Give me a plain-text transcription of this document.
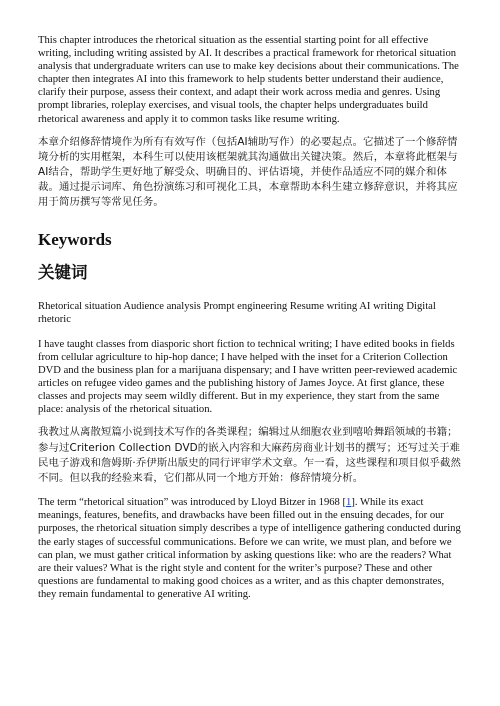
This chapter introduces the rhetorical situation as the essential starting point for all effective writing, including writing assisted by AI. It describes a practical framework for rhetorical situation analysis that undergraduate writers can use to make key decisions about their communications. The chapter then integrates AI into this framework to help students better understand their audience, clarify their purpose, assess their context, and adapt their work across media and genres. Using prompt libraries, roleplay exercises, and visual tools, the chapter helps undergraduates build rhetorical awareness and apply it to common tasks like resume writing.

本章介绍修辞情境作为所有有效写作（包括AI辅助写作）的必要起点。它描述了一个修辞情境分析的实用框架，本科生可以使用该框架就其沟通做出关键决策。然后，本章将此框架与AI结合，帮助学生更好地了解受众、明确目的、评估语境，并使作品适应不同的媒介和体裁。通过提示词库、角色扮演练习和可视化工具，本章帮助本科生建立修辞意识，并将其应用于简历撰写等常见任务。

Keywords
关键词

Rhetorical situation Audience analysis Prompt engineering Resume writing AI writing Digital rhetoric

I have taught classes from diasporic short fiction to technical writing; I have edited books in fields from cellular agriculture to hip-hop dance; I have helped with the inset for a Criterion Collection DVD and the business plan for a marijuana dispensary; and I have written peer-reviewed academic articles on refugee video games and the publishing history of James Joyce. At first glance, these classes and projects may seem wildly different. But in my experience, they start from the same place: analysis of the rhetorical situation.

我教过从离散短篇小说到技术写作的各类课程；编辑过从细胞农业到嘻哈舞蹈领域的书籍；参与过Criterion Collection DVD的嵌入内容和大麻药房商业计划书的撰写；还写过关于难民电子游戏和詹姆斯·乔伊斯出版史的同行评审学术文章。乍一看，这些课程和项目似乎截然不同。但以我的经验来看，它们都从同一个地方开始：修辞情境分析。

The term “rhetorical situation” was introduced by Lloyd Bitzer in 1968 [1]. While its exact meanings, features, benefits, and drawbacks have been filled out in the ensuing decades, for our purposes, the rhetorical situation simply describes a type of intelligence gathering conducted during the early stages of successful communications. Before we can write, we must plan, and before we can plan, we must gather critical information by asking questions like: who are the readers? What are their values? What is the right style and content for the writer’s purpose? These and other questions are fundamental to making good choices as a writer, and as this chapter demonstrates, they remain fundamental to generative AI writing.
